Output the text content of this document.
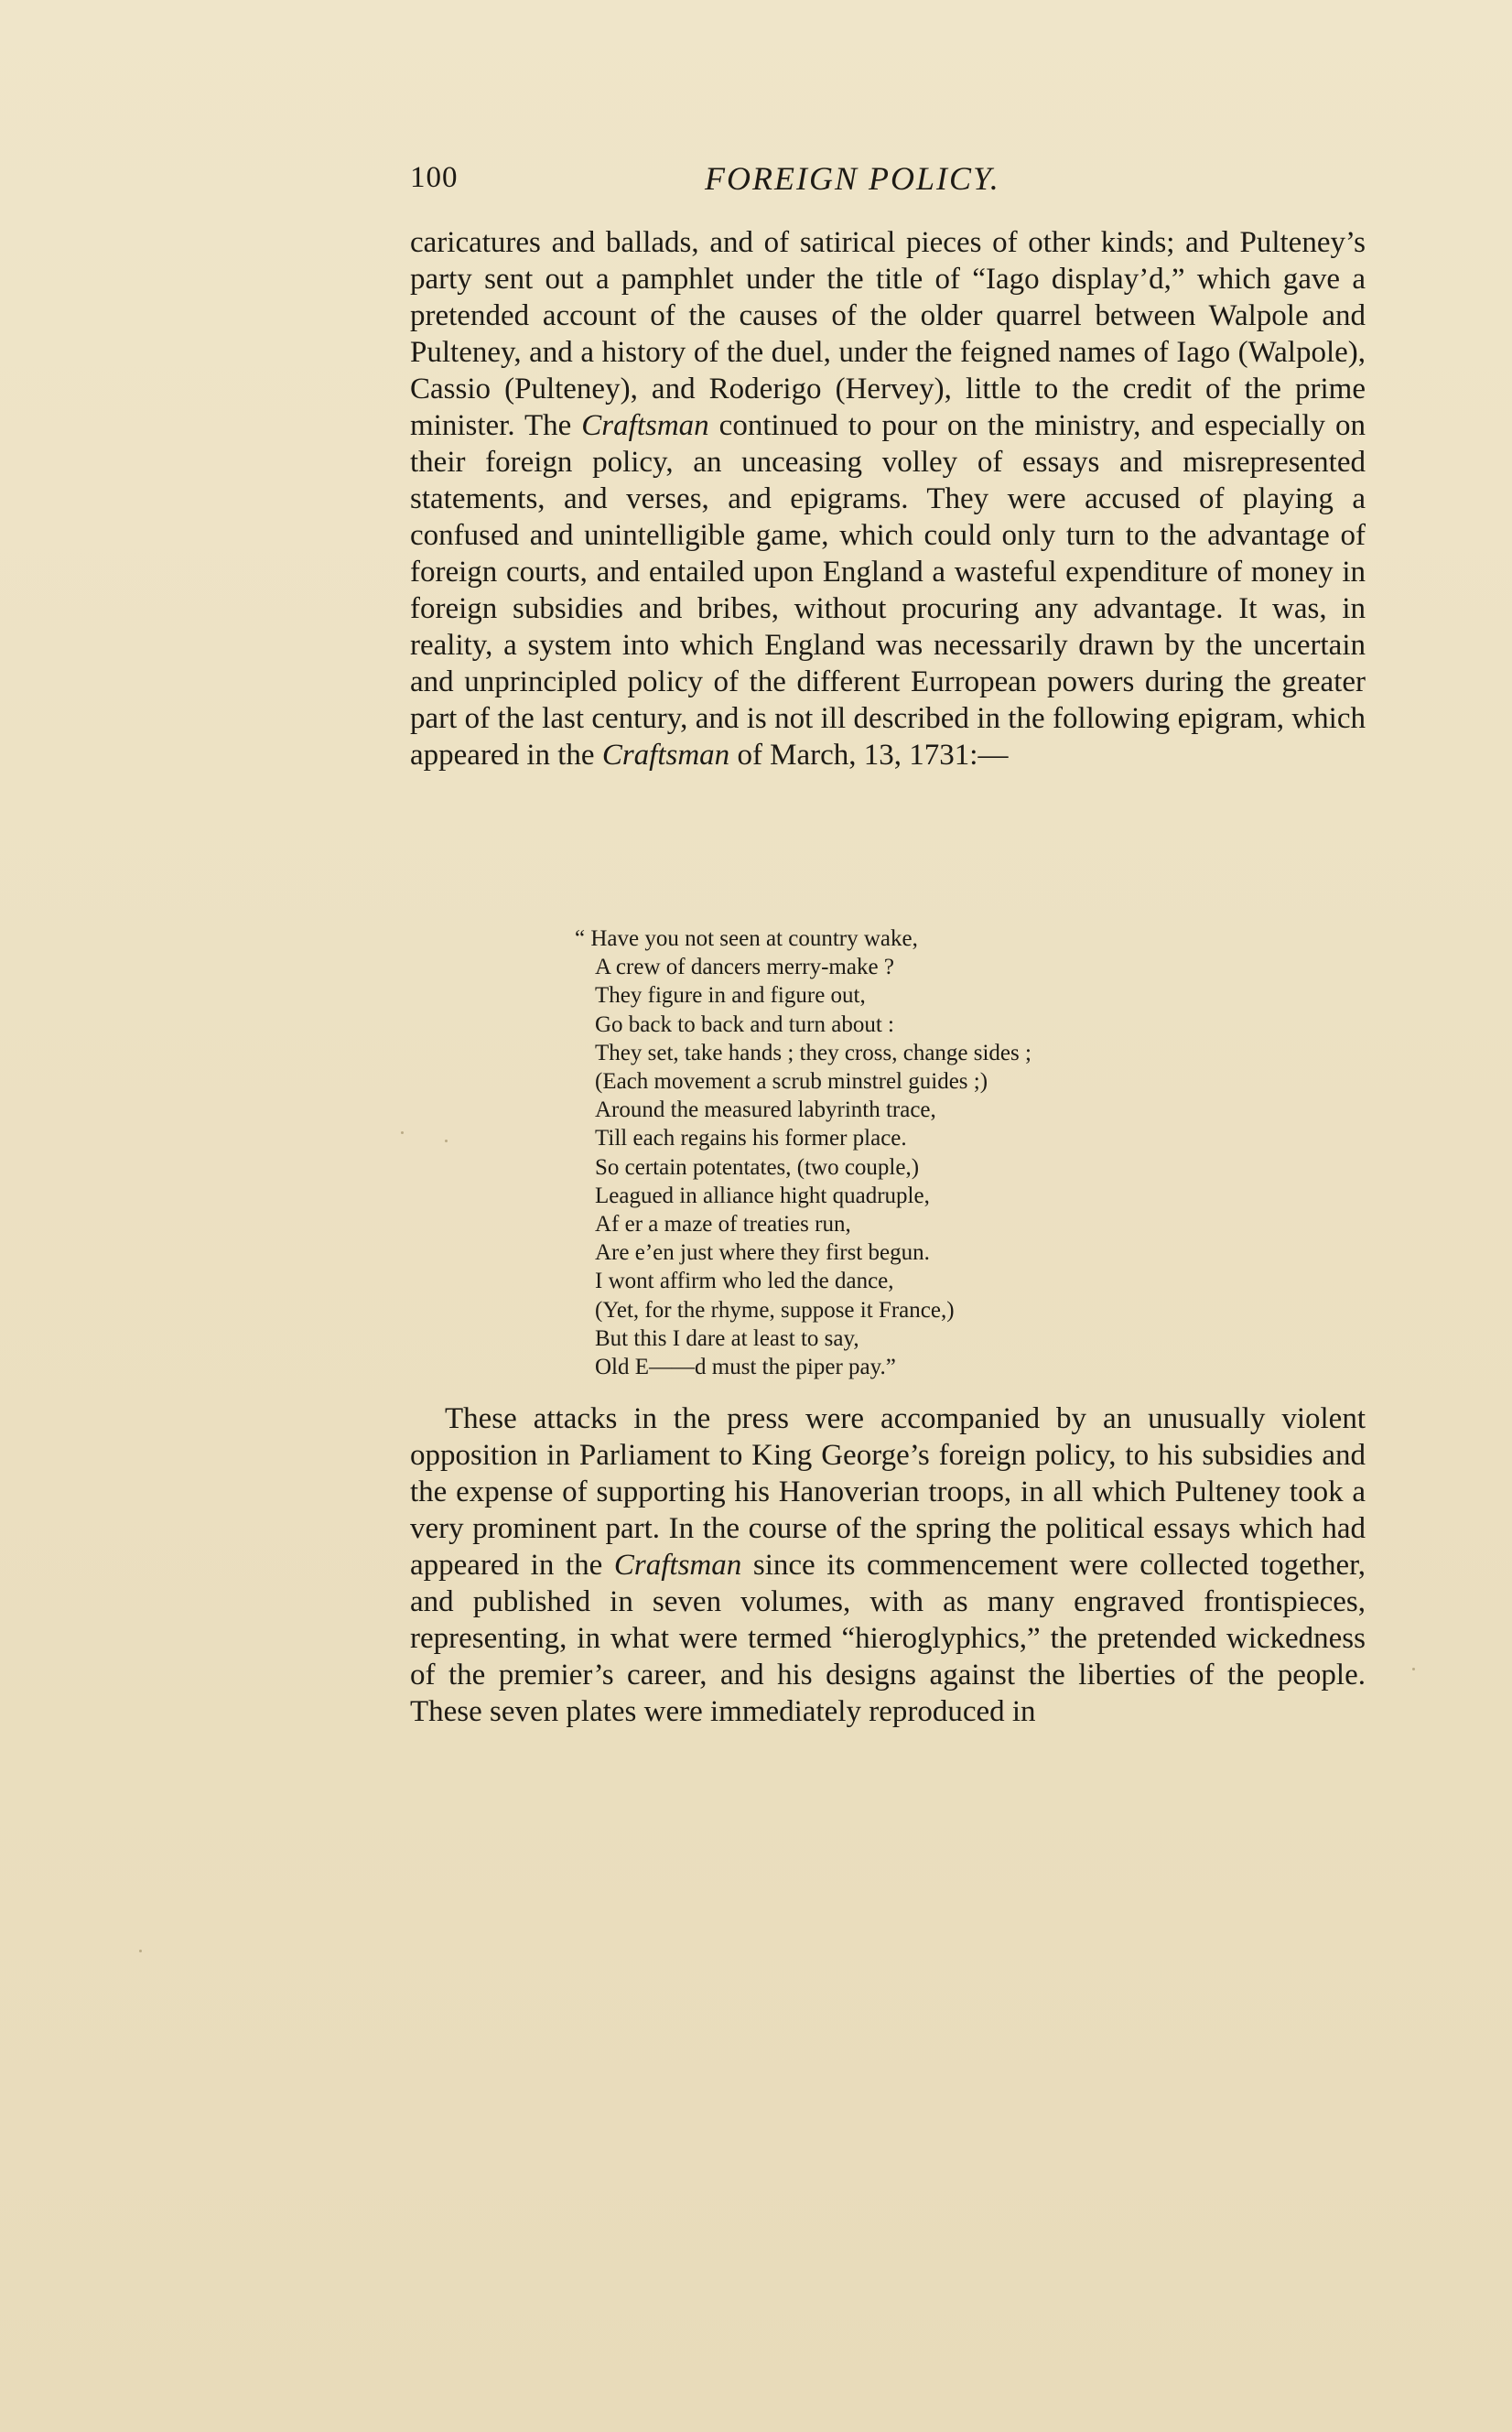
100	FOREIGN POLICY.

caricatures and ballads, and of satirical pieces of other kinds; and Pulteney’s party sent out a pamphlet under the title of “Iago display’d,” which gave a pretended account of the causes of the older quarrel between Walpole and Pulteney, and a history of the duel, under the feigned names of Iago (Walpole), Cassio (Pulteney), and Roderigo (Hervey), little to the credit of the prime minister. The Craftsman continued to pour on the ministry, and especially on their foreign policy, an unceasing volley of essays and misrepresented statements, and verses, and epigrams. They were accused of playing a confused and unintelligible game, which could only turn to the advantage of foreign courts, and entailed upon England a wasteful expenditure of money in foreign subsidies and bribes, without procuring any advantage. It was, in reality, a system into which England was necessarily drawn by the uncertain and unprincipled policy of the different Eurropean powers during the greater part of the last century, and is not ill described in the following epigram, which appeared in the Craftsman of March, 13, 1731:—

“ Have you not seen at country wake,
A crew of dancers merry-make ?
They figure in and figure out,
Go back to back and turn about :
They set, take hands ; they cross, change sides ;
(Each movement a scrub minstrel guides ;)
Around the measured labyrinth trace,
Till each regains his former place.
So certain potentates, (two couple,)
Leagued in alliance hight quadruple,
Af er a maze of treaties run,
Are e’en just where they first begun.
I wont affirm who led the dance,
(Yet, for the rhyme, suppose it France,)
But this I dare at least to say,
Old E——d must the piper pay.”

These attacks in the press were accompanied by an unusually violent opposition in Parliament to King George’s foreign policy, to his subsidies and the expense of supporting his Hanoverian troops, in all which Pulteney took a very prominent part. In the course of the spring the political essays which had appeared in the Craftsman since its commencement were collected together, and published in seven volumes, with as many engraved frontispieces, representing, in what were termed “hieroglyphics,” the pretended wickedness of the premier’s career, and his designs against the liberties of the people. These seven plates were immediately reproduced in
